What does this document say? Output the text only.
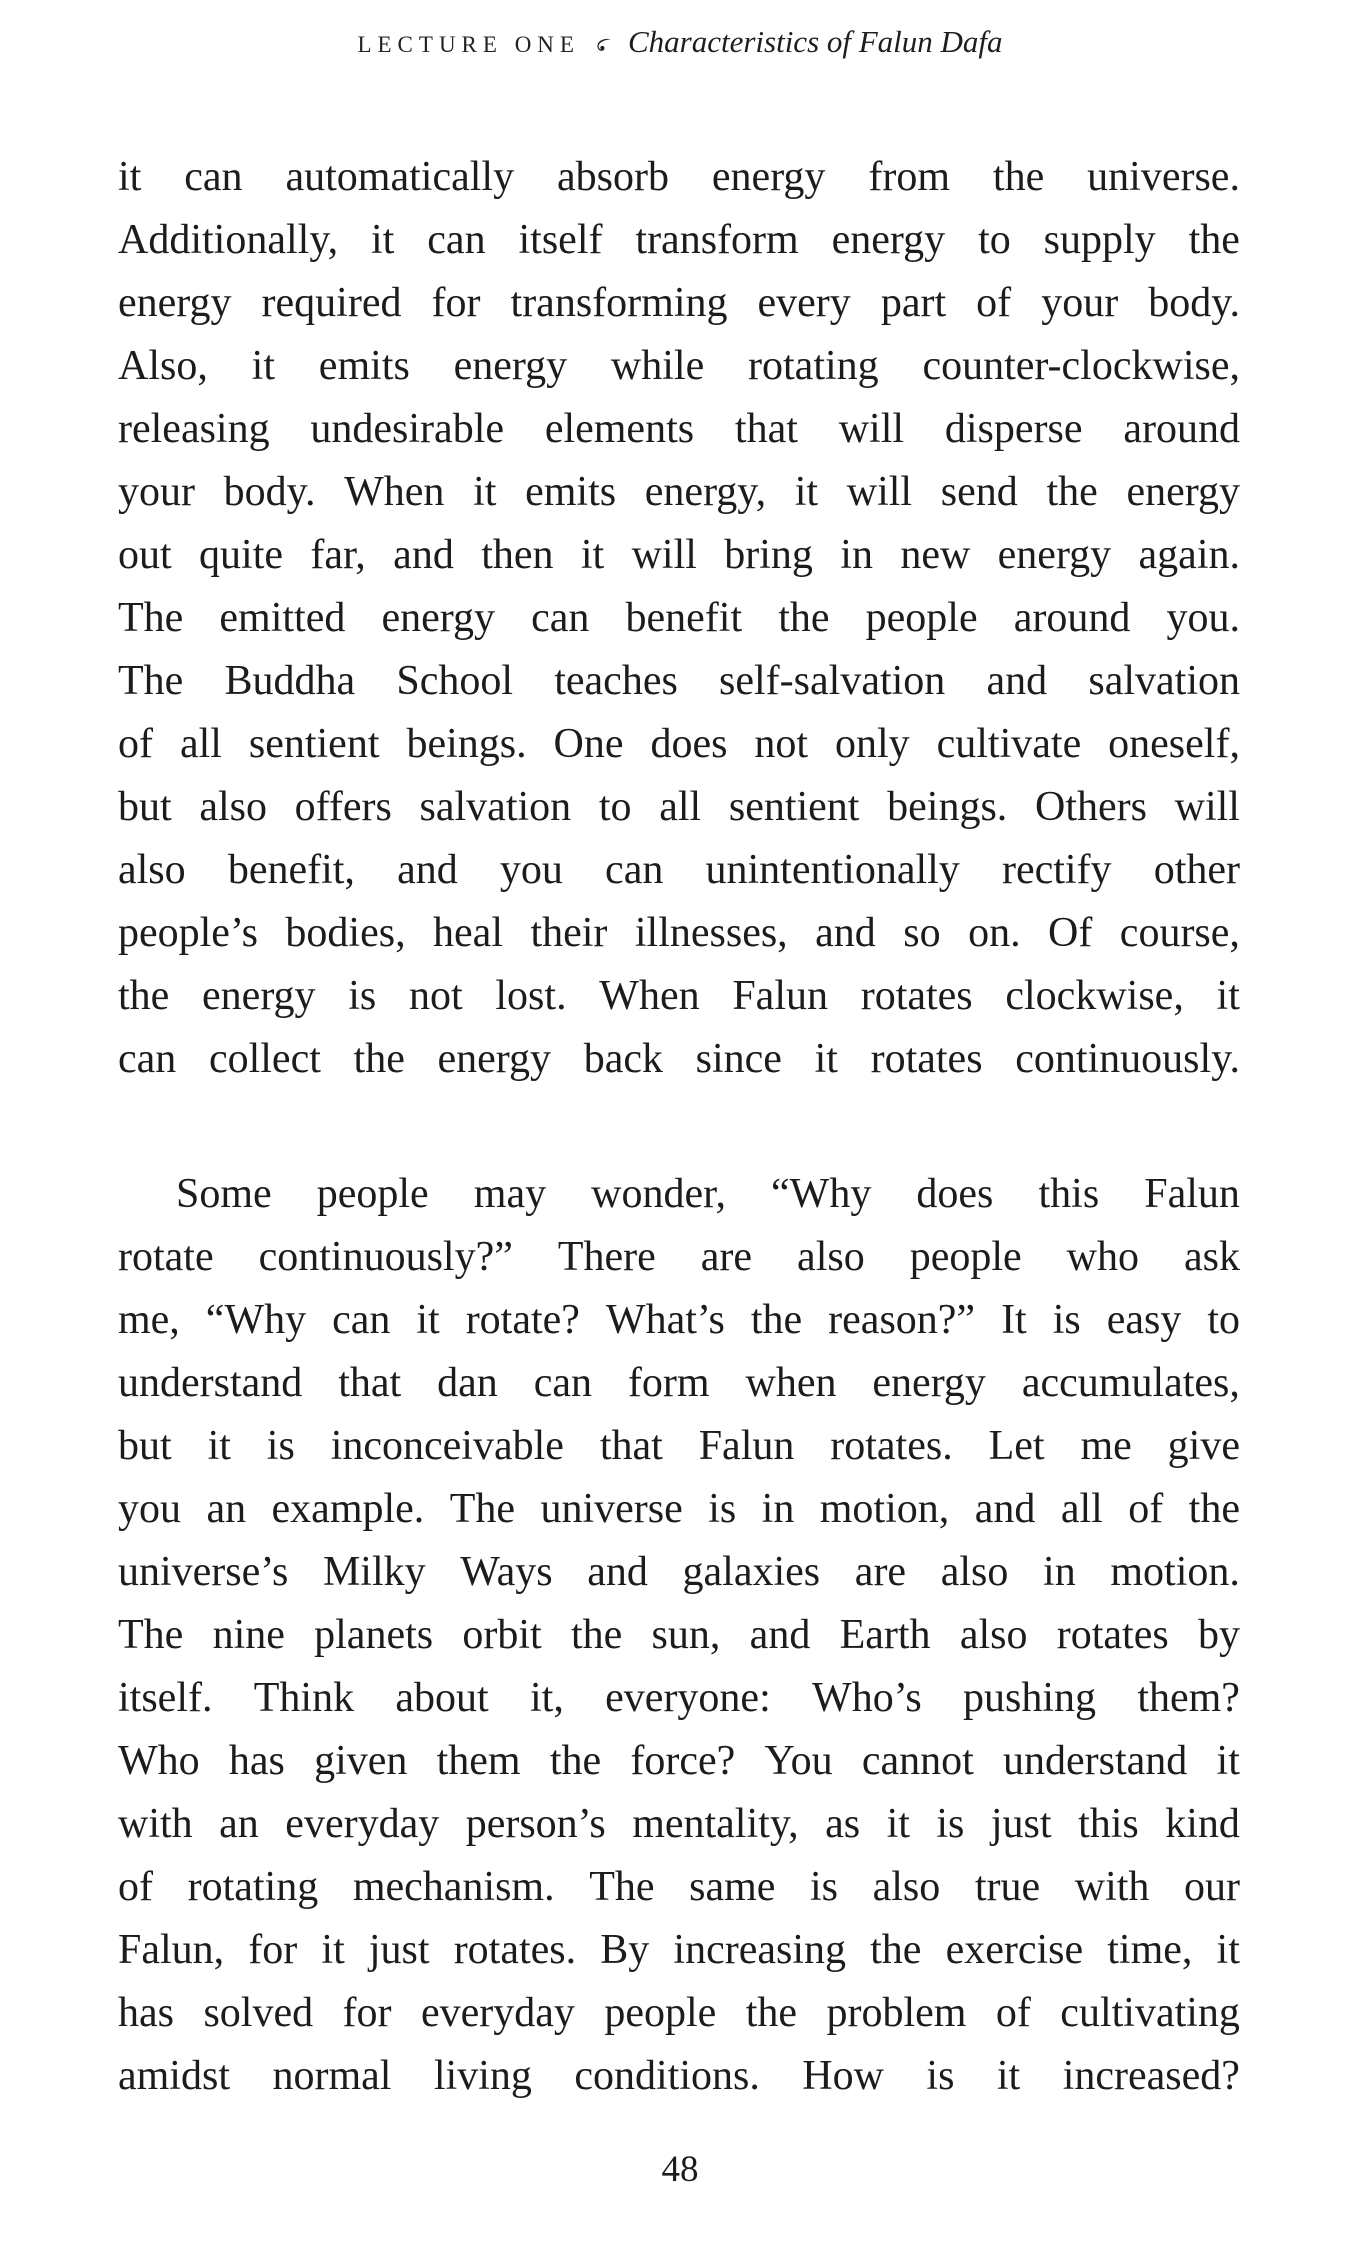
LECTURE ONE Characteristics of Falun Dafa
it can automatically absorb energy from the universe.
Additionally, it can itself transform energy to supply the
energy required for transforming every part of your body.
Also, it emits energy while rotating counter-clockwise,
releasing undesirable elements that will disperse around
your body. When it emits energy, it will send the energy
out quite far, and then it will bring in new energy again.
The emitted energy can benefit the people around you.
The Buddha School teaches self-salvation and salvation
of all sentient beings. One does not only cultivate oneself,
but also offers salvation to all sentient beings. Others will
also benefit, and you can unintentionally rectify other
people’s bodies, heal their illnesses, and so on. Of course,
the energy is not lost. When Falun rotates clockwise, it
can collect the energy back since it rotates continuously.
Some people may wonder, “Why does this Falun
rotate continuously?” There are also people who ask
me, “Why can it rotate? What’s the reason?” It is easy to
understand that dan can form when energy accumulates,
but it is inconceivable that Falun rotates. Let me give
you an example. The universe is in motion, and all of the
universe’s Milky Ways and galaxies are also in motion.
The nine planets orbit the sun, and Earth also rotates by
itself. Think about it, everyone: Who’s pushing them?
Who has given them the force? You cannot understand it
with an everyday person’s mentality, as it is just this kind
of rotating mechanism. The same is also true with our
Falun, for it just rotates. By increasing the exercise time, it
has solved for everyday people the problem of cultivating
amidst normal living conditions. How is it increased?
48
